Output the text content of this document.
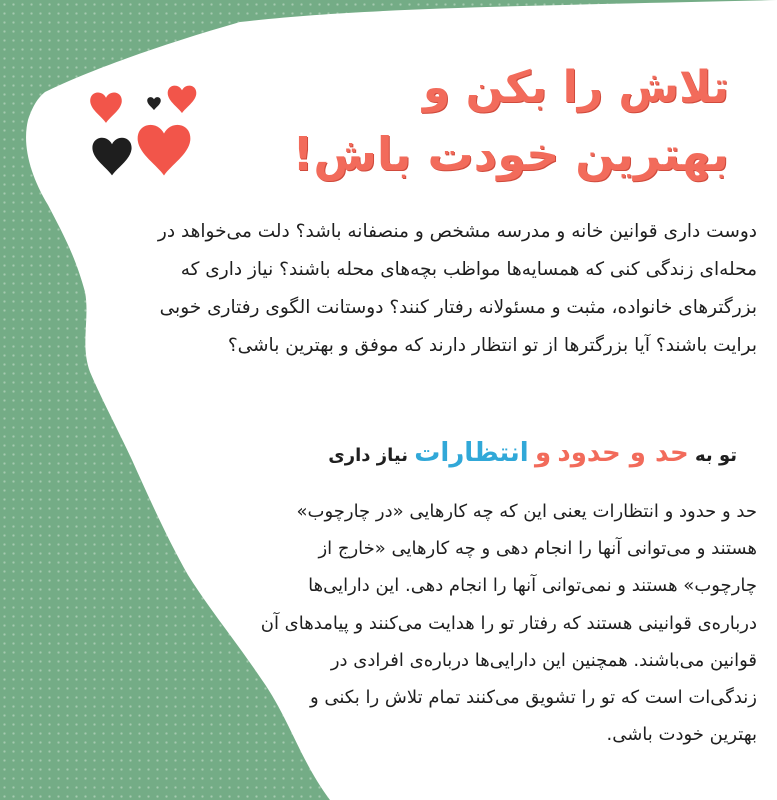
تلاش را بکن و
بهترین خودت باش!
دوست داری قوانین خانه و مدرسه مشخص و منصفانه باشد؟ دلت می‌خواهد در محله‌ای زندگی کنی که همسایه‌ها مواظب بچه‌های محله باشند؟ نیاز داری که بزرگترهای خانواده، مثبت و مسئولانه رفتار کنند؟ دوستانت الگوی رفتاری خوبی برایت باشند؟ آیا بزرگترها از تو انتظار دارند که موفق و بهترین باشی؟
تو به حد و حدود و انتظارات نیاز داری
حد و حدود و انتظارات یعنی این که چه کارهایی «در چارچوب» هستند و می‌توانی آنها را انجام دهی و چه کارهایی «خارج از چارچوب» هستند و نمی‌توانی آنها را انجام دهی. این دارایی‌ها درباره‌ی قوانینی هستند که رفتار تو را هدایت می‌کنند و پیامدهای آن قوانین می‌باشند. همچنین این دارایی‌ها درباره‌ی افرادی در زندگی‌ات است که تو را تشویق می‌کنند تمام تلاش را بکنی و بهترین خودت باشی.
